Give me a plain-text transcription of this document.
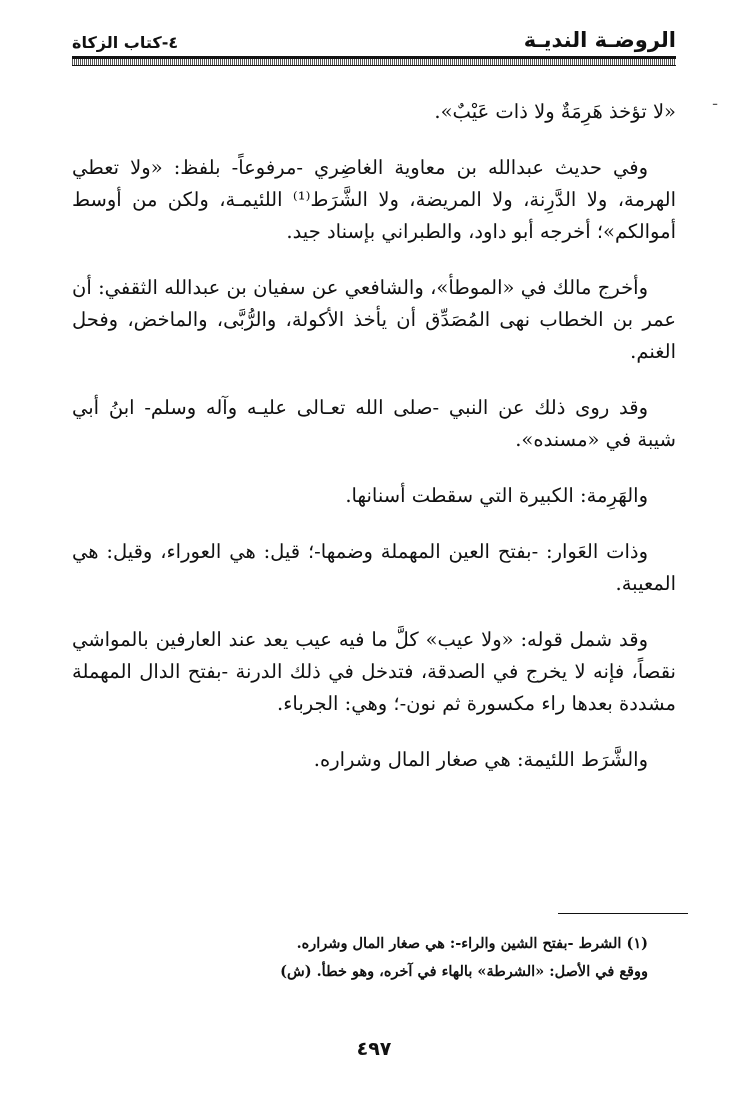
الروضـة النديـة
٤-كتاب الزكاة
ـ

«لا تؤخذ هَرِمَةٌ ولا ذات عَيْبٌ».

وفي حديث عبدالله بن معاوية الغاضِري -مرفوعاً- بلفظ: «ولا تعطي الهرمة، ولا الدَّرِنة، ولا المريضة، ولا الشَّرَط⁽¹⁾ اللئيمـة، ولكن من أوسط أموالكم»؛ أخرجه أبو داود، والطبراني بإسناد جيد.

وأخرج مالك في «الموطأ»، والشافعي عن سفيان بن عبدالله الثقفي: أن عمر بن الخطاب نهى المُصَدِّق أن يأخذ الأكولة، والرُّبَّى، والماخض، وفحل الغنم.

وقد روى ذلك عن النبي -صلى الله تعـالى عليـه وآله وسلم- ابنُ أبي شيبة في «مسنده».

والهَرِمة: الكبيرة التي سقطت أسنانها.

وذات العَوار: -بفتح العين المهملة وضمها-؛ قيل: هي العوراء، وقيل: هي المعيبة.

وقد شمل قوله: «ولا عيب» كلَّ ما فيه عيب يعد عند العارفين بالمواشي نقصاً، فإنه لا يخرج في الصدقة، فتدخل في ذلك الدرنة -بفتح الدال المهملة مشددة بعدها راء مكسورة ثم نون-؛ وهي: الجرباء.

والشَّرَط اللئيمة: هي صغار المال وشراره.

(١) الشرط -بفتح الشين والراء-: هي صغار المال وشراره.

ووقع في الأصل: «الشرطة» بالهاء في آخره، وهو خطأ. (ش)

٤٩٧
